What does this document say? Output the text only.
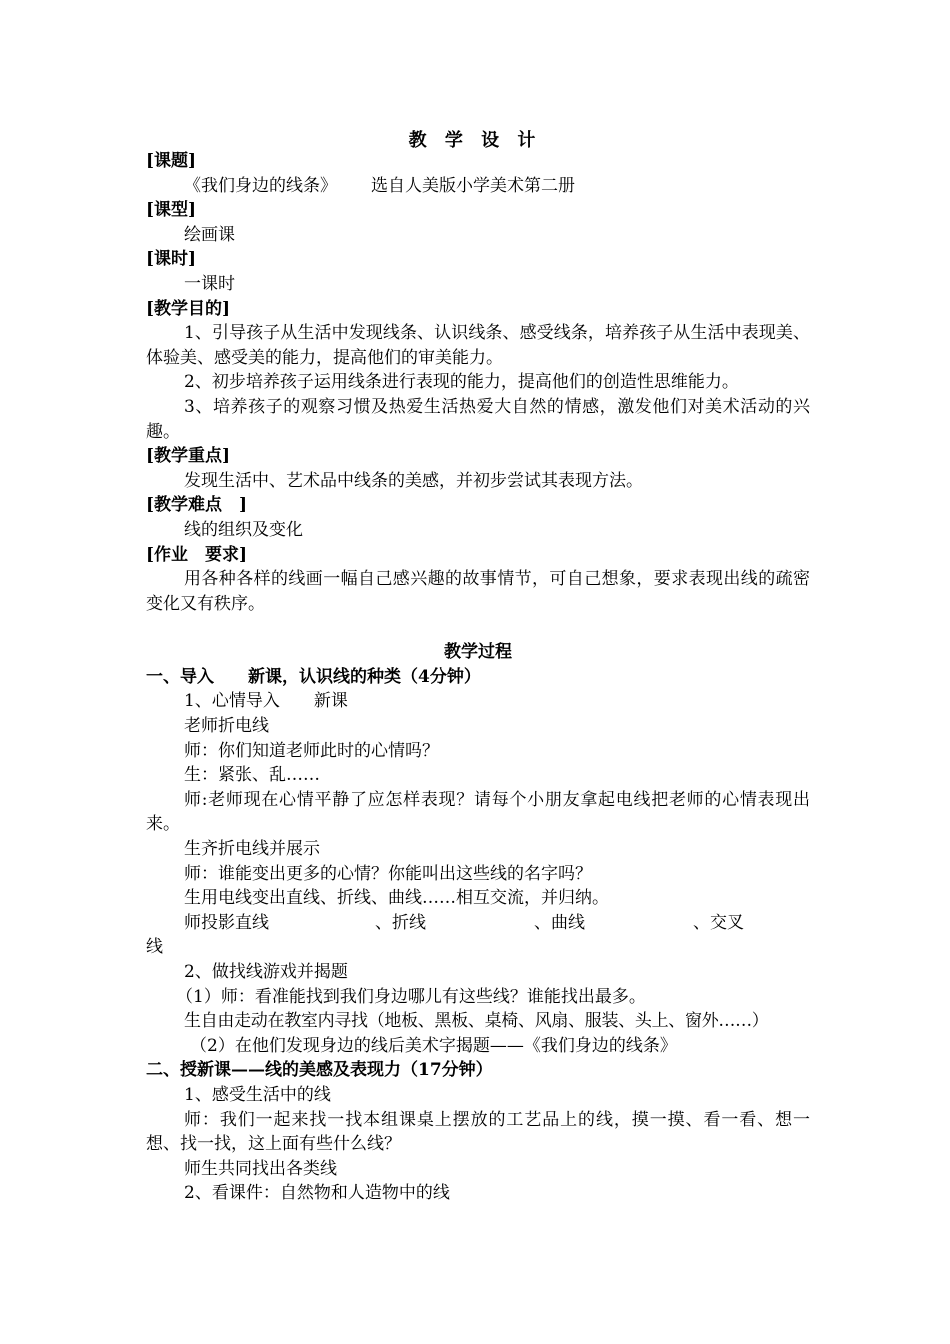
教 学 设 计
[课题]
《我们身边的线条》 选自人美版小学美术第二册
[课型]
绘画课
[课时]
一课时
[教学目的]
1、引导孩子从生活中发现线条、认识线条、感受线条，培养孩子从生活中表现美、体验美、感受美的能力，提高他们的审美能力。
2、初步培养孩子运用线条进行表现的能力，提高他们的创造性思维能力。
3、培养孩子的观察习惯及热爱生活热爱大自然的情感，激发他们对美术活动的兴趣。
[教学重点]
发现生活中、艺术品中线条的美感，并初步尝试其表现方法。
[教学难点　]
线的组织及变化
[作业　要求]
用各种各样的线画一幅自己感兴趣的故事情节，可自己想象，要求表现出线的疏密变化又有秩序。
教学过程
一、导入　　新课，认识线的种类（4分钟）
1、心情导入　　新课
老师折电线
师：你们知道老师此时的心情吗？
生：紧张、乱……
师:老师现在心情平静了应怎样表现？请每个小朋友拿起电线把老师的心情表现出来。
生齐折电线并展示
师：谁能变出更多的心情？你能叫出这些线的名字吗？
生用电线变出直线、折线、曲线……相互交流，并归纳。
师投影直线	、折线	、曲线	、交叉
线
2、做找线游戏并揭题
（1）师：看准能找到我们身边哪儿有这些线？谁能找出最多。
生自由走动在教室内寻找（地板、黑板、桌椅、风扇、服装、头上、窗外……）
（2）在他们发现身边的线后美术字揭题——《我们身边的线条》
二、授新课——线的美感及表现力（17分钟）
1、感受生活中的线
师：我们一起来找一找本组课桌上摆放的工艺品上的线，摸一摸、看一看、想一想、找一找，这上面有些什么线？
师生共同找出各类线
2、看课件：自然物和人造物中的线
